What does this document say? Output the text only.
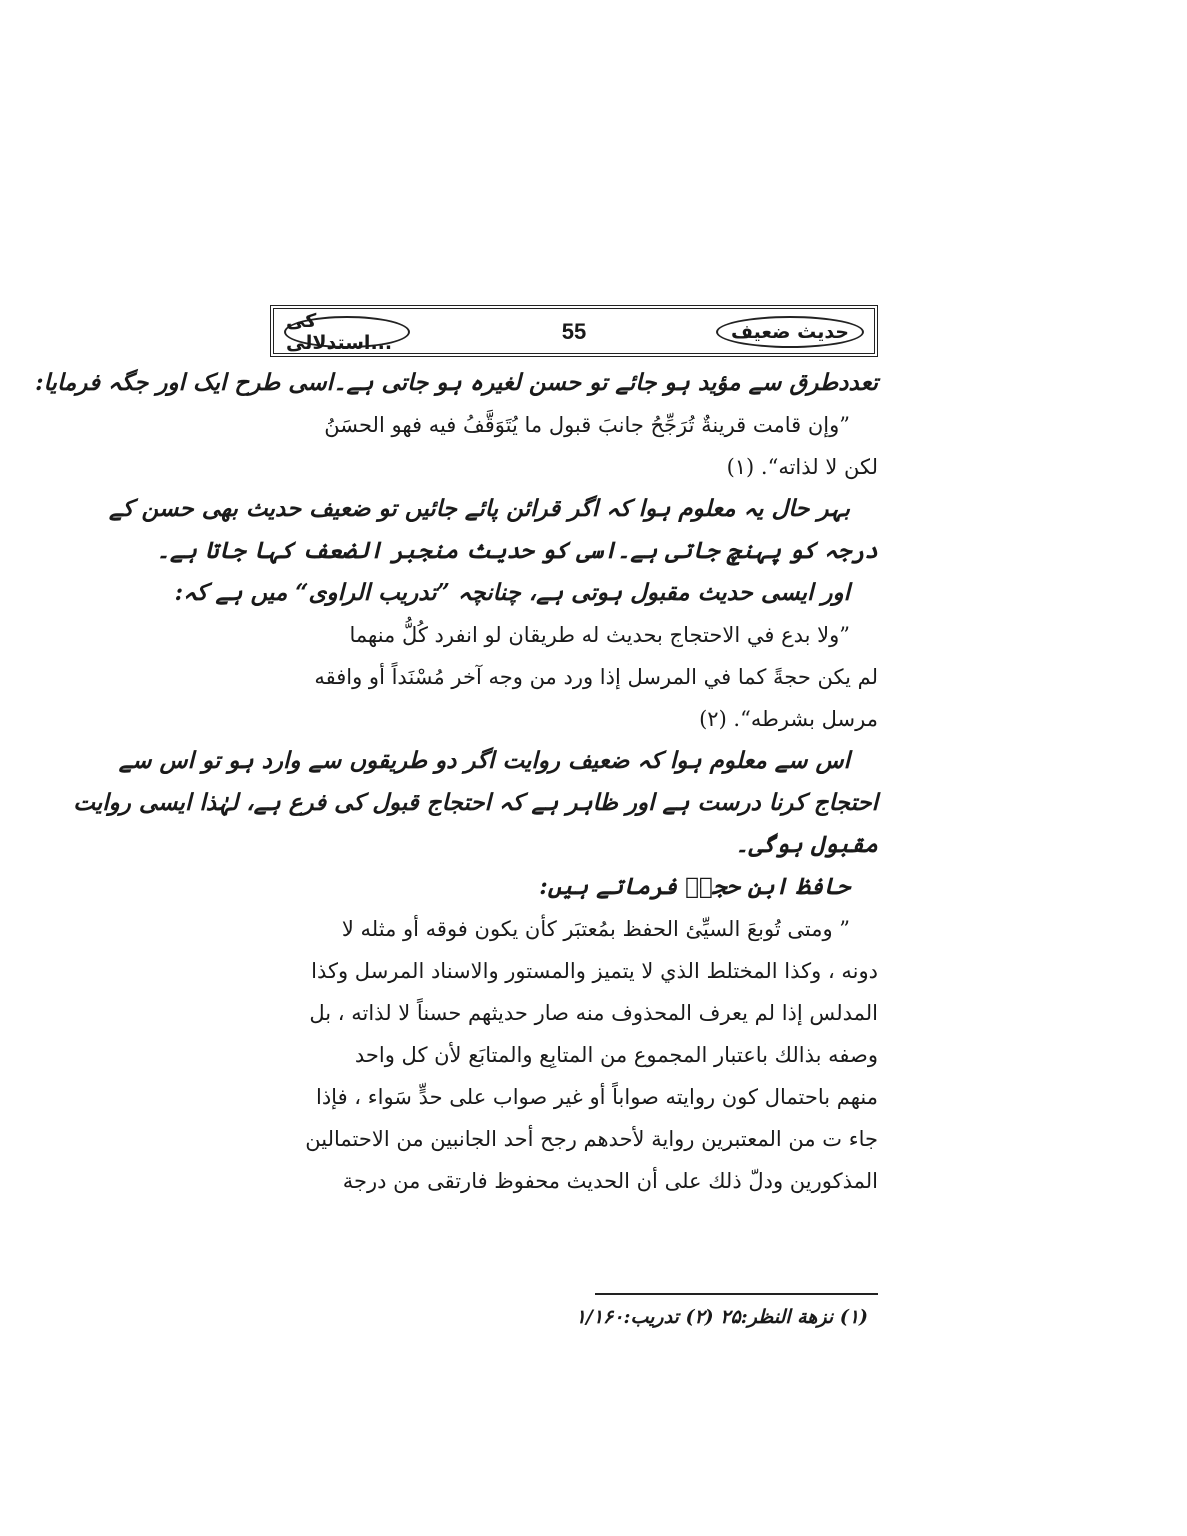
حدیث ضعیف
55
کی استدلالی...
تعددطرق سے مؤید ہو جائے تو حسن لغیرہ ہو جاتی ہے۔اسی طرح ایک اور جگہ فرمایا:
”وإن قامت قرينةٌ تُرَجِّحُ جانبَ قبول ما يُتَوَقَّفُ فيه فهو الحسَنُ
لكن لا لذاته“. (۱)
بہر حال یہ معلوم ہوا کہ اگر قرائن پائے جائیں تو ضعیف حدیث بھی حسن کے
درجہ کو پہنچ جاتی ہے۔اسی کو حدیث منجبر الضعف کہا جاتا ہے۔
اور ایسی حدیث مقبول ہوتی ہے، چنانچہ ”تدریب الراوی“ میں ہے کہ:
”ولا بدع في الاحتجاج بحديث له طريقان لو انفرد كُلُّ منهما
لم يكن حجةً كما في المرسل إذا ورد من وجه آخر مُسْنَداً أو وافقه
مرسل بشرطه“. (۲)
اس سے معلوم ہوا کہ ضعیف روایت اگر دو طریقوں سے وارد ہو تو اس سے
احتجاج کرنا درست ہے اور ظاہر ہے کہ احتجاج قبول کی فرع ہے، لہٰذا ایسی روایت
مقبول ہوگی۔
حافظ ابن حجرؒ فرماتے ہیں:
” ومتى تُوبعَ السيِّئ الحفظ بمُعتبَر كأن يكون فوقه أو مثله لا
دونه ، وكذا المختلط الذي لا يتميز والمستور والاسناد المرسل وكذا
المدلس إذا لم يعرف المحذوف منه صار حديثهم حسناً لا لذاته ، بل
وصفه بذالك باعتبار المجموع من المتابِع والمتابَع لأن كل واحد
منهم باحتمال كون روايته صواباً أو غير صواب على حدٍّ سَواء ، فإذا
جاء ت من المعتبرين رواية لأحدهم رجح أحد الجانبين من الاحتمالين
المذكورين ودلّ ذلك على أن الحديث محفوظ فارتقى من درجة
(۱) نزهة النظر:۲۵ (۲) تدریب:۱/۱۶۰
